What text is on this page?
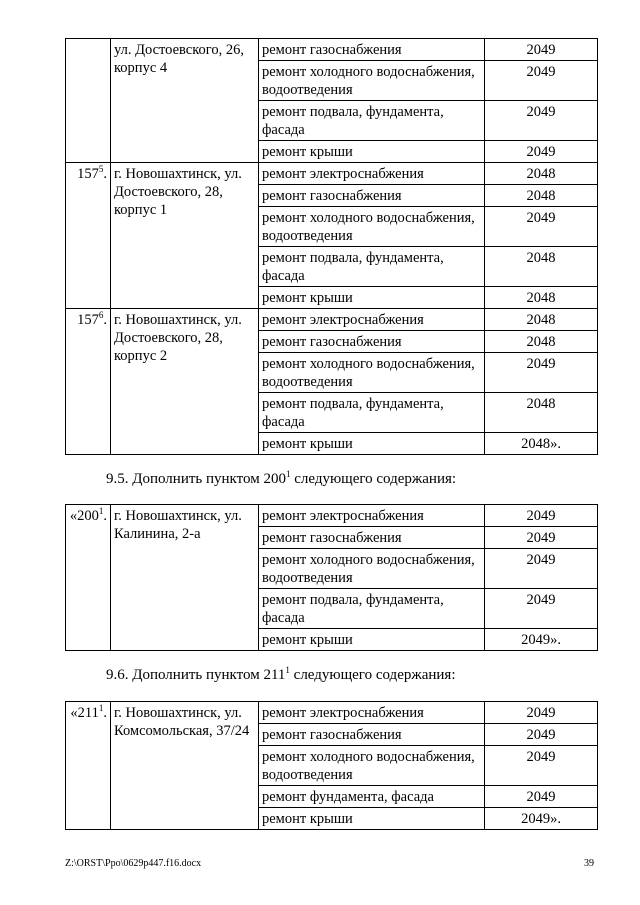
	ул. Достоевского, 26, корпус 4	ремонт газоснабжения	2049
		ремонт холодного водоснабжения, водоотведения	2049
		ремонт подвала, фундамента, фасада	2049
		ремонт крыши	2049
$157^5$.	г. Новошахтинск, ул. Достоевского, 28, корпус 1	ремонт электроснабжения	2048
		ремонт газоснабжения	2048
		ремонт холодного водоснабжения, водоотведения	2049
		ремонт подвала, фундамента, фасада	2048
		ремонт крыши	2048
$157^6$.	г. Новошахтинск, ул. Достоевского, 28, корпус 2	ремонт электроснабжения	2048
		ремонт газоснабжения	2048
		ремонт холодного водоснабжения, водоотведения	2049
		ремонт подвала, фундамента, фасада	2048
		ремонт крыши	2048».
9.5. Дополнить пунктом $200^1$ следующего содержания:
«$200^1$.	г. Новошахтинск, ул. Калинина, 2-а	ремонт электроснабжения	2049
		ремонт газоснабжения	2049
		ремонт холодного водоснабжения, водоотведения	2049
		ремонт подвала, фундамента, фасада	2049
		ремонт крыши	2049».
9.6. Дополнить пунктом $211^1$ следующего содержания:
«$211^1$.	г. Новошахтинск, ул. Комсомольская, 37/24	ремонт электроснабжения	2049
		ремонт газоснабжения	2049
		ремонт холодного водоснабжения, водоотведения	2049
		ремонт фундамента, фасада	2049
		ремонт крыши	2049».
Z:\ORST\Ppo\0629p447.f16.docx	39
